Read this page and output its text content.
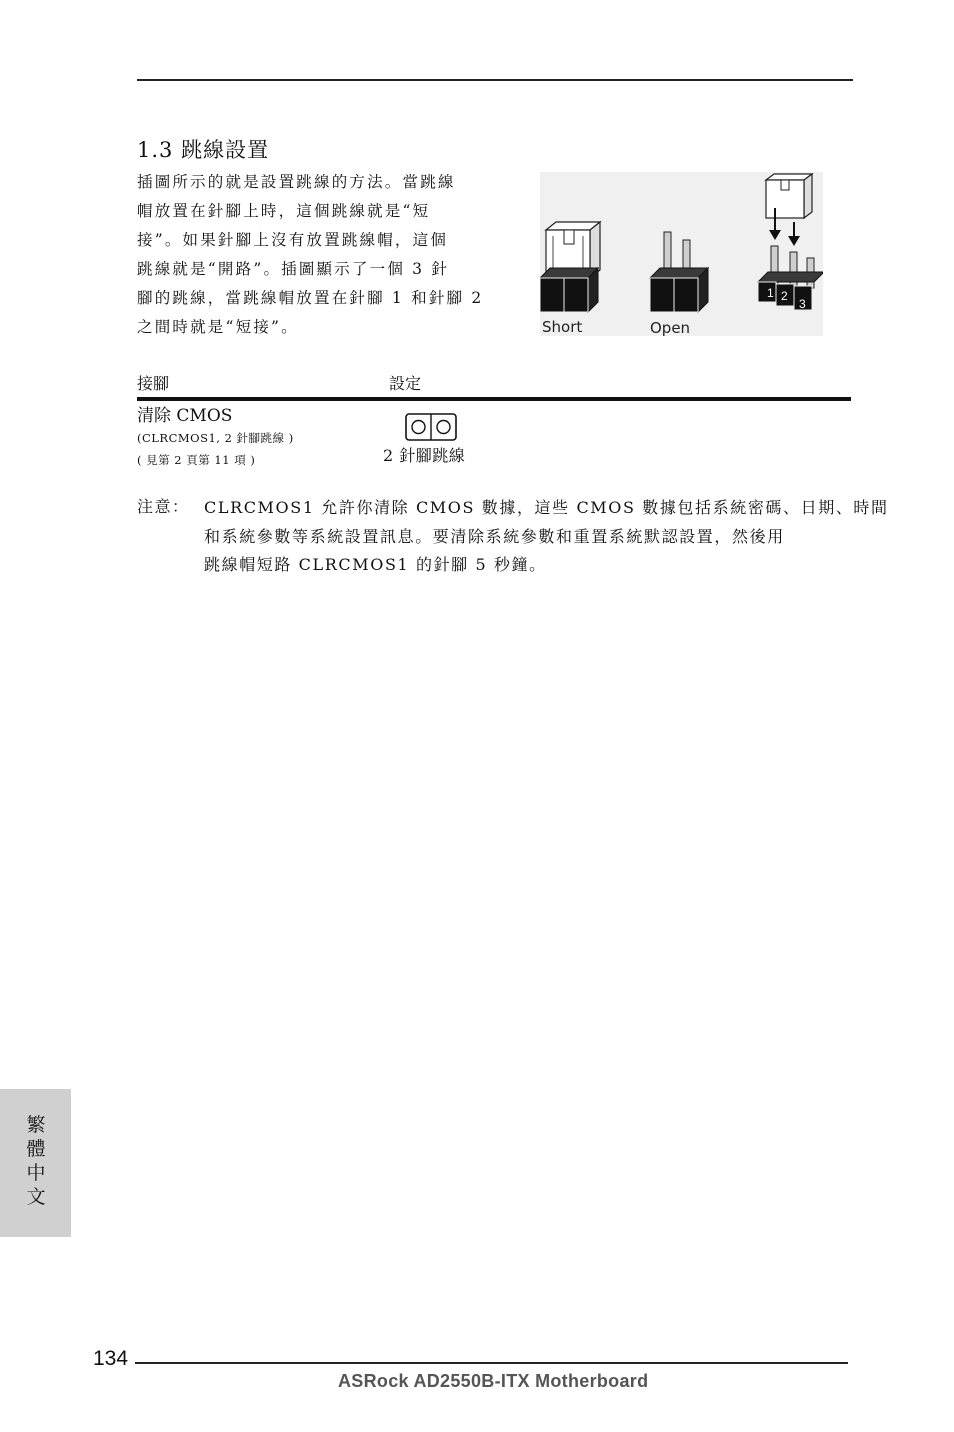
1.3 跳線設置
插圖所示的就是設置跳線的方法。當跳線
帽放置在針腳上時，這個跳線就是“短
接”。如果針腳上沒有放置跳線帽，這個
跳線就是“開路”。插圖顯示了一個 3 針
腳的跳線，當跳線帽放置在針腳 1 和針腳 2
之間時就是“短接”。
1 2
3
Short	Open
接腳	設定
清除 CMOS
(CLRCMOS1, 2 針腳跳線 )
( 見第 2 頁第 11 項 )	2 針腳跳線
注意： CLRCMOS1 允許你清除 CMOS 數據，這些 CMOS 數據包括系統密碼、日期、時間
和系統參數等系統設置訊息。要清除系統參數和重置系統默認設置，然後用
跳線帽短路 CLRCMOS1 的針腳 5 秒鐘。
繁體中文
134
ASRock AD2550B-ITX Motherboard
